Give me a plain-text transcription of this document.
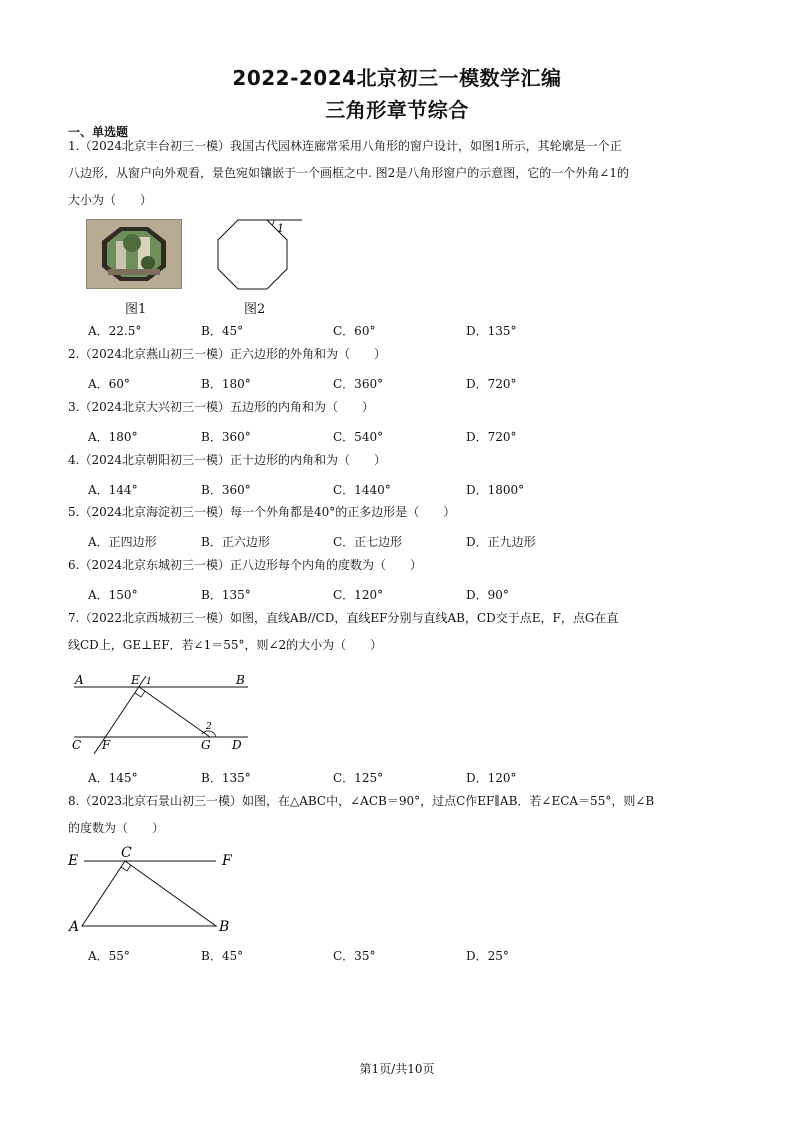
2022-2024北京初三一模数学汇编
三角形章节综合
一、单选题
1.（2024北京丰台初三一模）我国古代园林连廊常采用八角形的窗户设计，如图1所示，其轮廓是一个正
八边形，从窗户向外观看，景色宛如镶嵌于一个画框之中. 图2是八角形窗户的示意图，它的一个外角∠1的
大小为（　　）
图1
1
图2
A．22.5°	B．45°	C．60°	D．135°
2.（2024北京燕山初三一模）正六边形的外角和为（　　）
A．60°	B．180°	C．360°	D．720°
3.（2024北京大兴初三一模）五边形的内角和为（　　）
A．180°	B．360°	C．540°	D．720°
4.（2024北京朝阳初三一模）正十边形的内角和为（　　）
A．144°	B．360°	C．1440°	D．1800°
5.（2024北京海淀初三一模）每一个外角都是40°的正多边形是（　　）
A．正四边形	B．正六边形	C．正七边形	D．正九边形
6.（2024北京东城初三一模）正八边形每个内角的度数为（　　）
A．150°	B．135°	C．120°	D．90°
7.（2022北京西城初三一模）如图，直线AB//CD，直线EF分别与直线AB，CD交于点E，F，点G在直
线CD上，GE⊥EF．若∠1＝55°，则∠2的大小为（　　）
A	E 1	B
2
C F	G D
A．145°	B．135°	C．125°	D．120°
8.（2023北京石景山初三一模）如图，在△ABC中，∠ACB＝90°，过点C作EF∥AB．若∠ECA＝55°，则∠B
的度数为（　　）
E	C	F
A	B
A．55°	B．45°	C．35°	D．25°
第1页/共10页
